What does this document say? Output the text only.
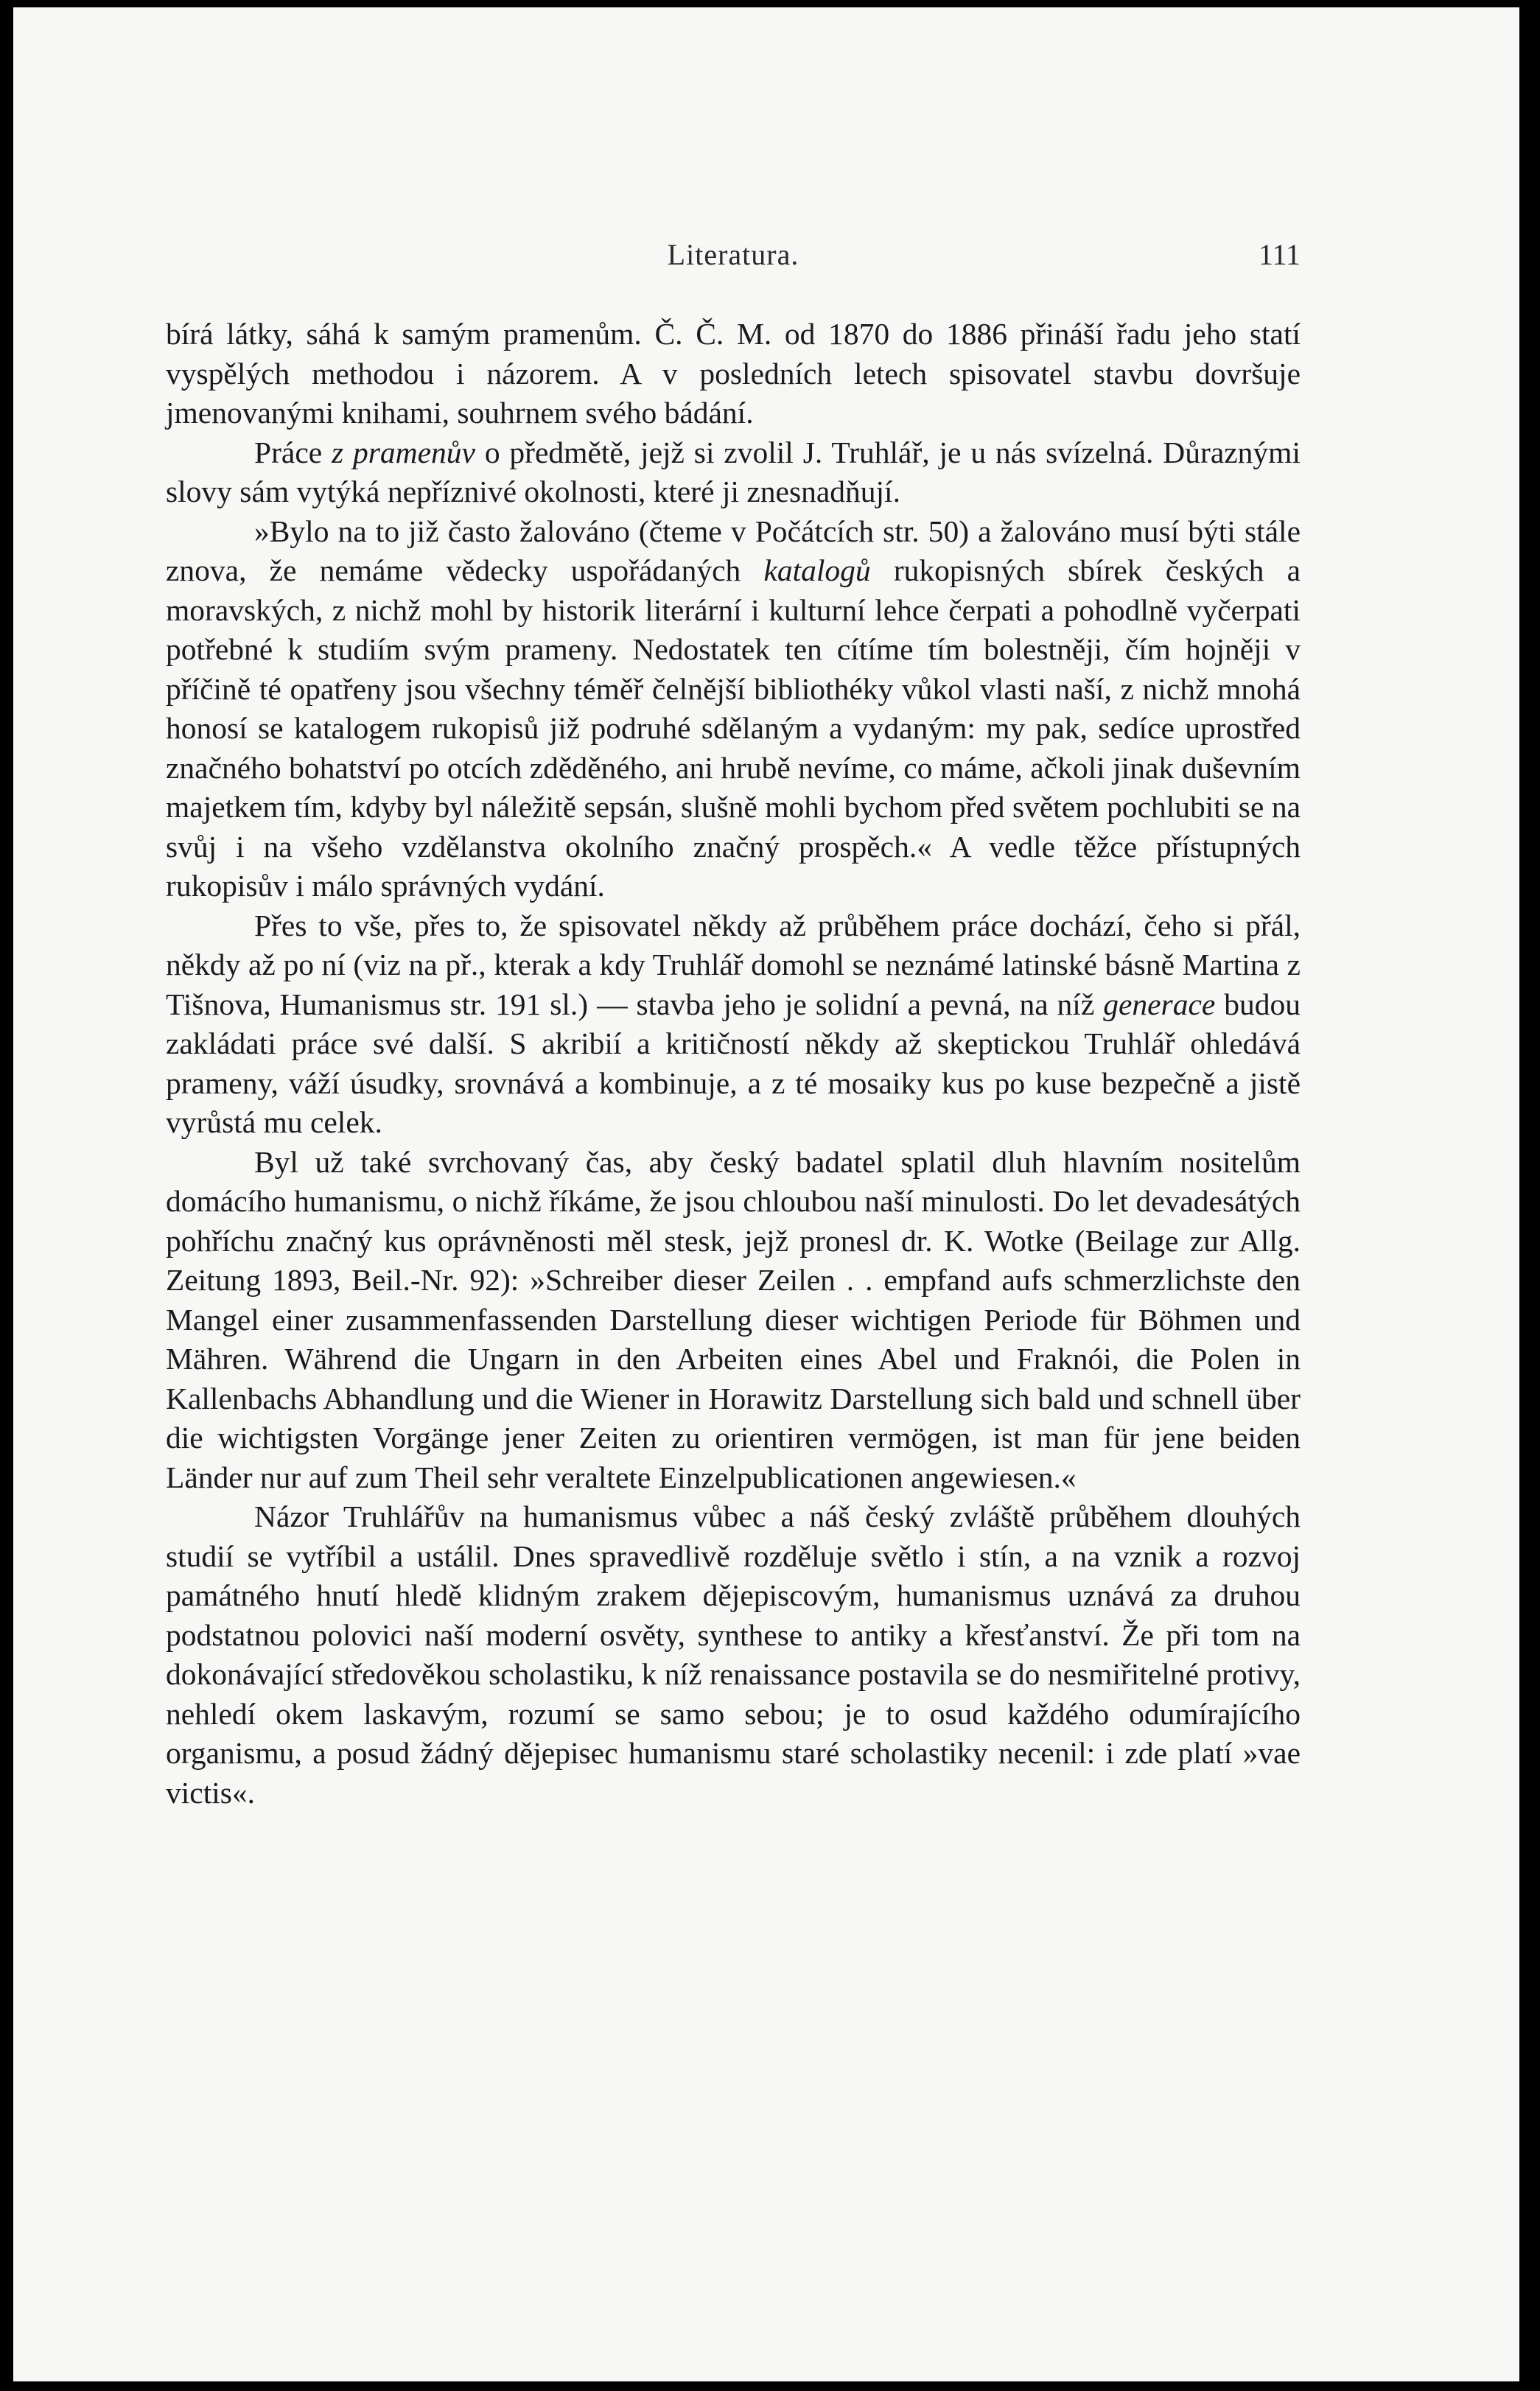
Literatura.	111

bírá látky, sáhá k samým pramenům. Č. Č. M. od 1870 do 1886 přináší řadu jeho statí vyspělých methodou i názorem. A v posledních letech spisovatel stavbu dovršuje jmenovanými knihami, souhrnem svého bádání.

Práce z pramenův o předmětě, jejž si zvolil J. Truhlář, je u nás svízelná. Důraznými slovy sám vytýká nepříznivé okolnosti, které ji znesnadňují.

»Bylo na to již často žalováno (čteme v Počátcích str. 50) a žalováno musí býti stále znova, že nemáme vědecky uspořádaných katalogů rukopisných sbírek českých a moravských, z nichž mohl by historik literární i kulturní lehce čerpati a pohodlně vyčerpati potřebné k studiím svým prameny. Nedostatek ten cítíme tím bolestněji, čím hojněji v příčině té opatřeny jsou všechny téměř čelnější bibliothéky vůkol vlasti naší, z nichž mnohá honosí se katalogem rukopisů již podruhé sdělaným a vydaným: my pak, sedíce uprostřed značného bohatství po otcích zděděného, ani hrubě nevíme, co máme, ačkoli jinak duševním majetkem tím, kdyby byl náležitě sepsán, slušně mohli bychom před světem pochlubiti se na svůj i na všeho vzdělanstva okolního značný prospěch.« A vedle těžce přístupných rukopisův i málo správných vydání.

Přes to vše, přes to, že spisovatel někdy až průběhem práce dochází, čeho si přál, někdy až po ní (viz na př., kterak a kdy Truhlář domohl se neznámé latinské básně Martina z Tišnova, Humanismus str. 191 sl.) — stavba jeho je solidní a pevná, na níž generace budou zakládati práce své další. S akribií a kritičností někdy až skeptickou Truhlář ohledává prameny, váží úsudky, srovnává a kombinuje, a z té mosaiky kus po kuse bezpečně a jistě vyrůstá mu celek.

Byl už také svrchovaný čas, aby český badatel splatil dluh hlavním nositelům domácího humanismu, o nichž říkáme, že jsou chloubou naší minulosti. Do let devadesátých pohříchu značný kus oprávněnosti měl stesk, jejž pronesl dr. K. Wotke (Beilage zur Allg. Zeitung 1893, Beil.-Nr. 92): »Schreiber dieser Zeilen . . empfand aufs schmerzlichste den Mangel einer zusammenfassenden Darstellung dieser wichtigen Periode für Böhmen und Mähren. Während die Ungarn in den Arbeiten eines Abel und Fraknói, die Polen in Kallenbachs Abhandlung und die Wiener in Horawitz Darstellung sich bald und schnell über die wichtigsten Vorgänge jener Zeiten zu orientiren vermögen, ist man für jene beiden Länder nur auf zum Theil sehr veraltete Einzelpublicationen angewiesen.«

Názor Truhlářův na humanismus vůbec a náš český zvláště průběhem dlouhých studií se vytříbil a ustálil. Dnes spravedlivě rozděluje světlo i stín, a na vznik a rozvoj památného hnutí hledě klidným zrakem dějepiscovým, humanismus uznává za druhou podstatnou polovici naší moderní osvěty, synthese to antiky a křesťanství. Že při tom na dokonávající středověkou scholastiku, k níž renaissance postavila se do nesmiřitelné protivy, nehledí okem laskavým, rozumí se samo sebou; je to osud každého odumírajícího organismu, a posud žádný dějepisec humanismu staré scholastiky necenil: i zde platí »vae victis«.
